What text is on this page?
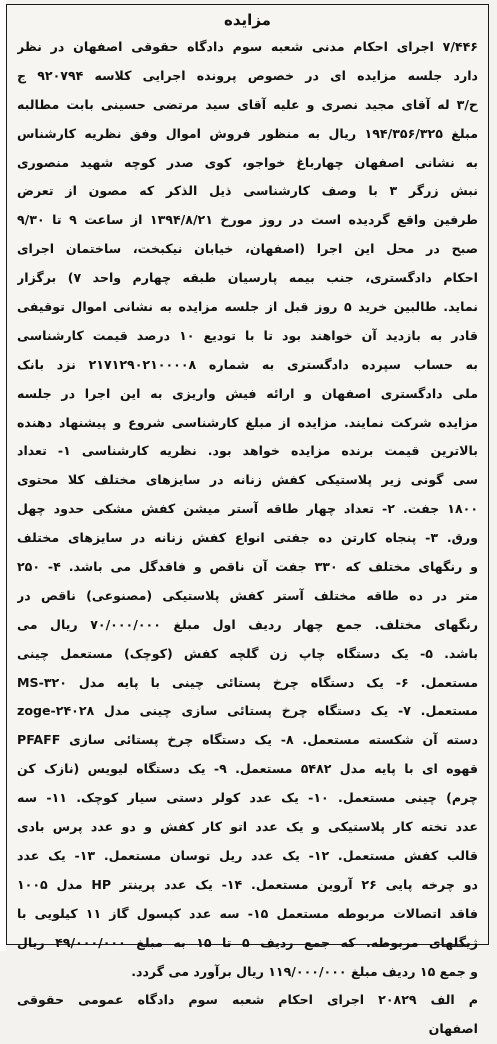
مزایده
۷/۴۴۶ اجرای احکام مدنی شعبه سوم دادگاه حقوقی اصفهان در نظر
دارد جلسه مزایده ای در خصوص پرونده اجرایی کلاسه ۹۲۰۷۹۴ ج
ح/۳ له آقای مجید نصری و علیه آقای سید مرتضی حسینی بابت مطالبه
مبلغ ۱۹۴/۳۵۶/۳۲۵ ریال به منظور فروش اموال وفق نظریه کارشناس
به نشانی اصفهان چهارباغ خواجو، کوی صدر کوچه شهید منصوری
نبش زرگر ۳ با وصف کارشناسی ذیل الذکر که مصون از تعرض
طرفین واقع گردیده است در روز مورخ ۱۳۹۴/۸/۲۱ از ساعت ۹ تا ۹/۳۰
صبح در محل این اجرا (اصفهان، خیابان نیکبخت، ساختمان اجرای
احکام دادگستری، جنب بیمه پارسیان طبقه چهارم واحد ۷) برگزار
نماید. طالبین خرید ۵ روز قبل از جلسه مزایده به نشانی اموال توقیفی
قادر به بازدید آن خواهند بود تا با تودیع ۱۰ درصد قیمت کارشناسی
به حساب سپرده دادگستری به شماره ۲۱۷۱۲۹۰۲۱۰۰۰۰۸ نزد بانک
ملی دادگستری اصفهان و ارائه فیش واریزی به این اجرا در جلسه
مزایده شرکت نمایند. مزایده از مبلغ کارشناسی شروع و پیشنهاد دهنده
بالاترین قیمت برنده مزایده خواهد بود. نظریه کارشناسی ۱- تعداد
سی گونی زیر پلاستیکی کفش زنانه در سایزهای مختلف کلا محتوی
۱۸۰۰ جفت. ۲- تعداد چهار طاقه آستر میشن کفش مشکی حدود چهل
ورق. ۳- پنجاه کارتن ده جفتی انواع کفش زنانه در سایزهای مختلف
و رنگهای مختلف که ۳۳۰ جفت آن ناقص و فاقدگل می باشد. ۴- ۲۵۰
متر در ده طاقه مختلف آستر کفش پلاستیکی (مصنوعی) ناقص در
رنگهای مختلف. جمع چهار ردیف اول مبلغ ۷۰/۰۰۰/۰۰۰ ریال می
باشد. ۵- یک دستگاه چاپ زن گلچه کفش (کوچک) مستعمل چینی
مستعمل. ۶- یک دستگاه چرخ پستائی چینی با پایه مدل MS-۳۲۰
مستعمل. ۷- یک دستگاه چرخ پستائی سازی چینی مدل zoge-۲۴۰۲۸
دسته آن شکسته مستعمل. ۸- یک دستگاه چرخ پستائی سازی PFAFF
قهوه ای با پایه مدل ۵۴۸۲ مستعمل. ۹- یک دستگاه لیویس (نازک کن
چرم) چینی مستعمل. ۱۰- یک عدد کولر دستی سیار کوچک. ۱۱- سه
عدد تخته کار پلاستیکی و یک عدد اتو کار کفش و دو عدد پرس بادی
قالب کفش مستعمل. ۱۲- یک عدد ریل توسان مستعمل. ۱۳- یک عدد
دو چرخه پایی ۲۶ آروین مستعمل. ۱۴- یک عدد پرینتر HP مدل ۱۰۰۵
فاقد اتصالات مربوطه مستعمل ۱۵- سه عدد کپسول گاز ۱۱ کیلویی با
ژیگلهای مربوطه. که جمع ردیف ۵ تا ۱۵ به مبلغ ۴۹/۰۰۰/۰۰۰ ریال
و جمع ۱۵ ردیف مبلغ ۱۱۹/۰۰۰/۰۰۰ ریال برآورد می گردد.
م الف ۲۰۸۲۹ اجرای احکام شعبه سوم دادگاه عمومی حقوقی
اصفهان
